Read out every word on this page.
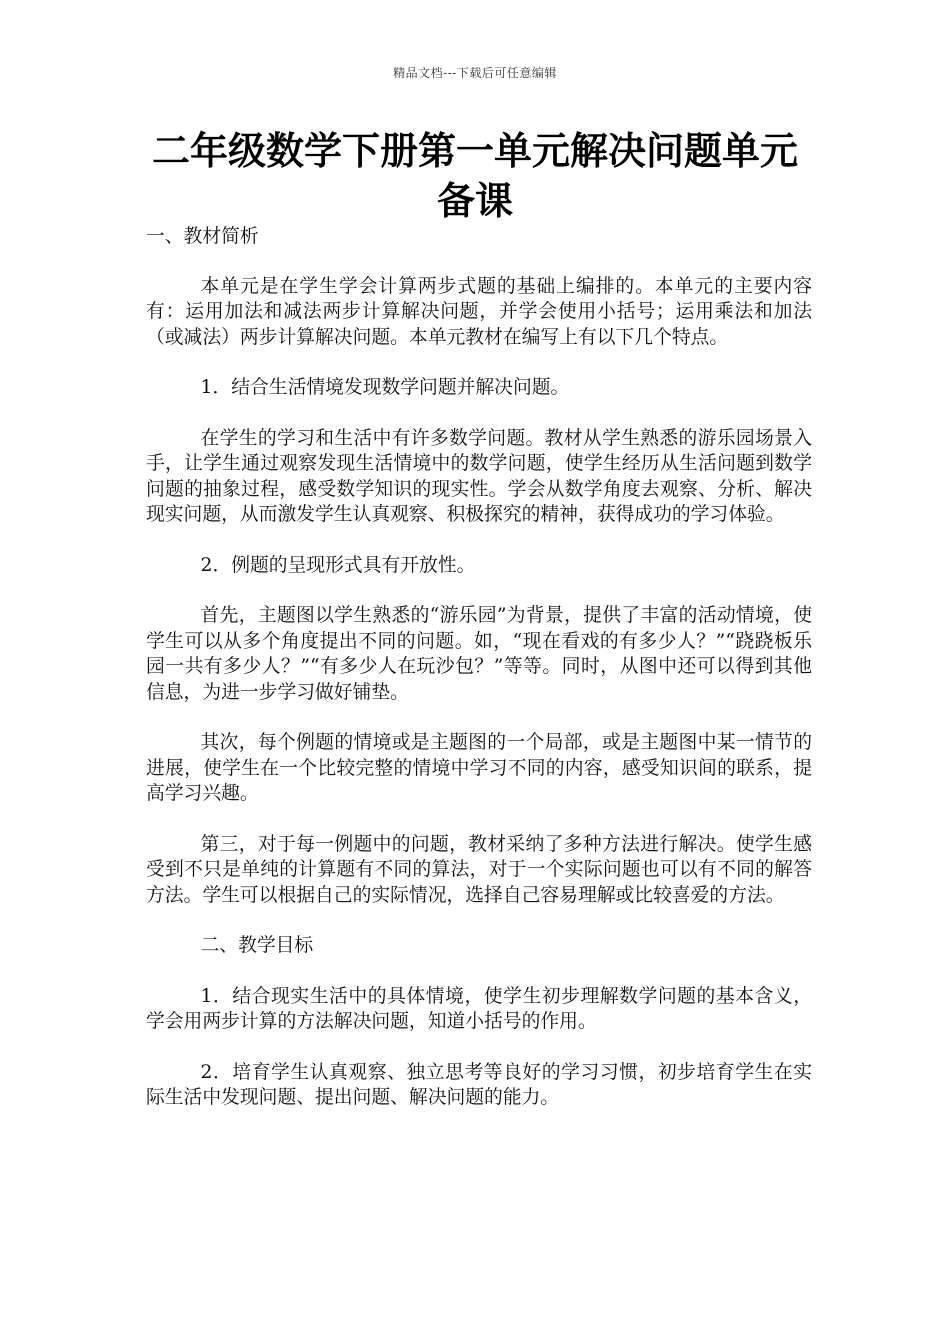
精品文档---下载后可任意编辑
二年级数学下册第一单元解决问题单元
备课

一、教材简析

本单元是在学生学会计算两步式题的基础上编排的。本单元的主要内容有：运用加法和减法两步计算解决问题，并学会使用小括号；运用乘法和加法（或减法）两步计算解决问题。本单元教材在编写上有以下几个特点。

1．结合生活情境发现数学问题并解决问题。

在学生的学习和生活中有许多数学问题。教材从学生熟悉的游乐园场景入手，让学生通过观察发现生活情境中的数学问题，使学生经历从生活问题到数学问题的抽象过程，感受数学知识的现实性。学会从数学角度去观察、分析、解决现实问题，从而激发学生认真观察、积极探究的精神，获得成功的学习体验。

2．例题的呈现形式具有开放性。

首先，主题图以学生熟悉的“游乐园”为背景，提供了丰富的活动情境，使学生可以从多个角度提出不同的问题。如，“现在看戏的有多少人？”“跷跷板乐园一共有多少人？”“有多少人在玩沙包？”等等。同时，从图中还可以得到其他信息，为进一步学习做好铺垫。

其次，每个例题的情境或是主题图的一个局部，或是主题图中某一情节的进展，使学生在一个比较完整的情境中学习不同的内容，感受知识间的联系，提高学习兴趣。

第三，对于每一例题中的问题，教材采纳了多种方法进行解决。使学生感受到不只是单纯的计算题有不同的算法，对于一个实际问题也可以有不同的解答方法。学生可以根据自己的实际情况，选择自己容易理解或比较喜爱的方法。

二、教学目标

1．结合现实生活中的具体情境，使学生初步理解数学问题的基本含义，学会用两步计算的方法解决问题，知道小括号的作用。

2．培育学生认真观察、独立思考等良好的学习习惯，初步培育学生在实际生活中发现问题、提出问题、解决问题的能力。
